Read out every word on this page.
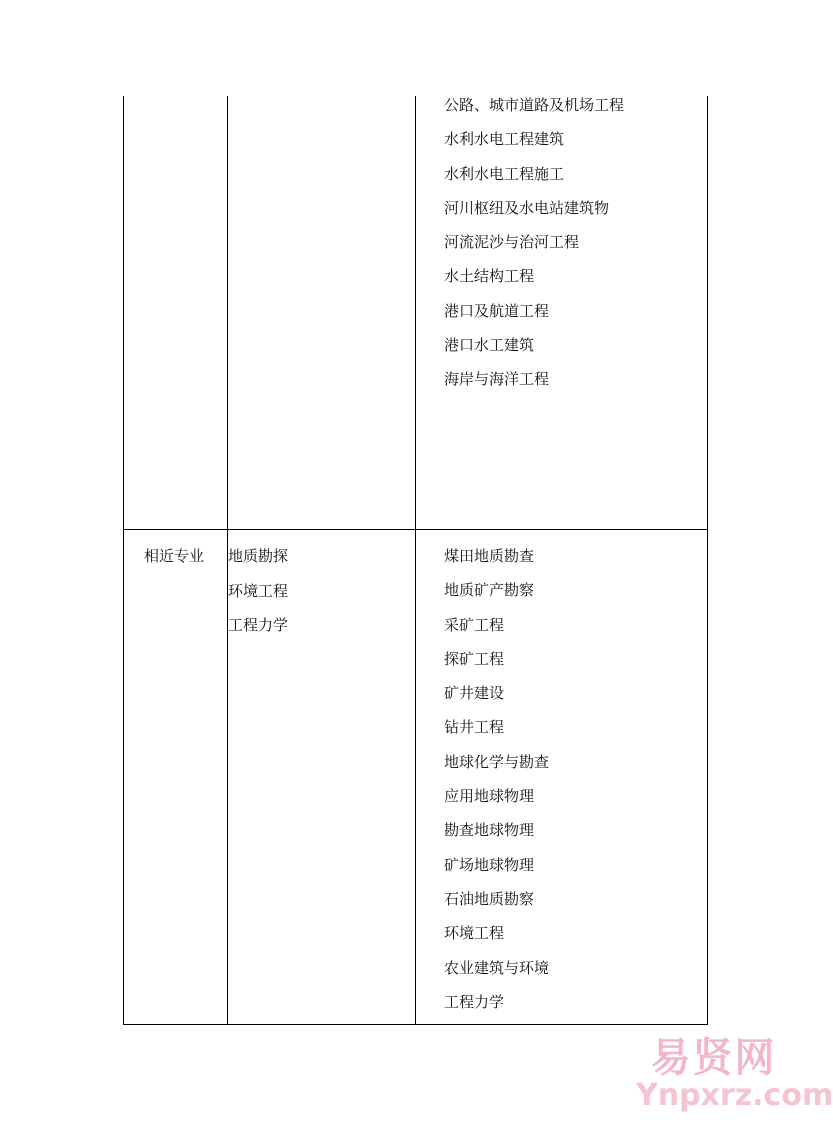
公路、城市道路及机场工程
水利水电工程建筑
水利水电工程施工
河川枢纽及水电站建筑物
河流泥沙与治河工程
水土结构工程
港口及航道工程
港口水工建筑
海岸与海洋工程
相近专业 地质勘探
环境工程
工程力学
煤田地质勘查
地质矿产勘察
采矿工程
探矿工程
矿井建设
钻井工程
地球化学与勘查
应用地球物理
勘查地球物理
矿场地球物理
石油地质勘察
环境工程
农业建筑与环境
工程力学
易贤网
Ynpxrz.com
